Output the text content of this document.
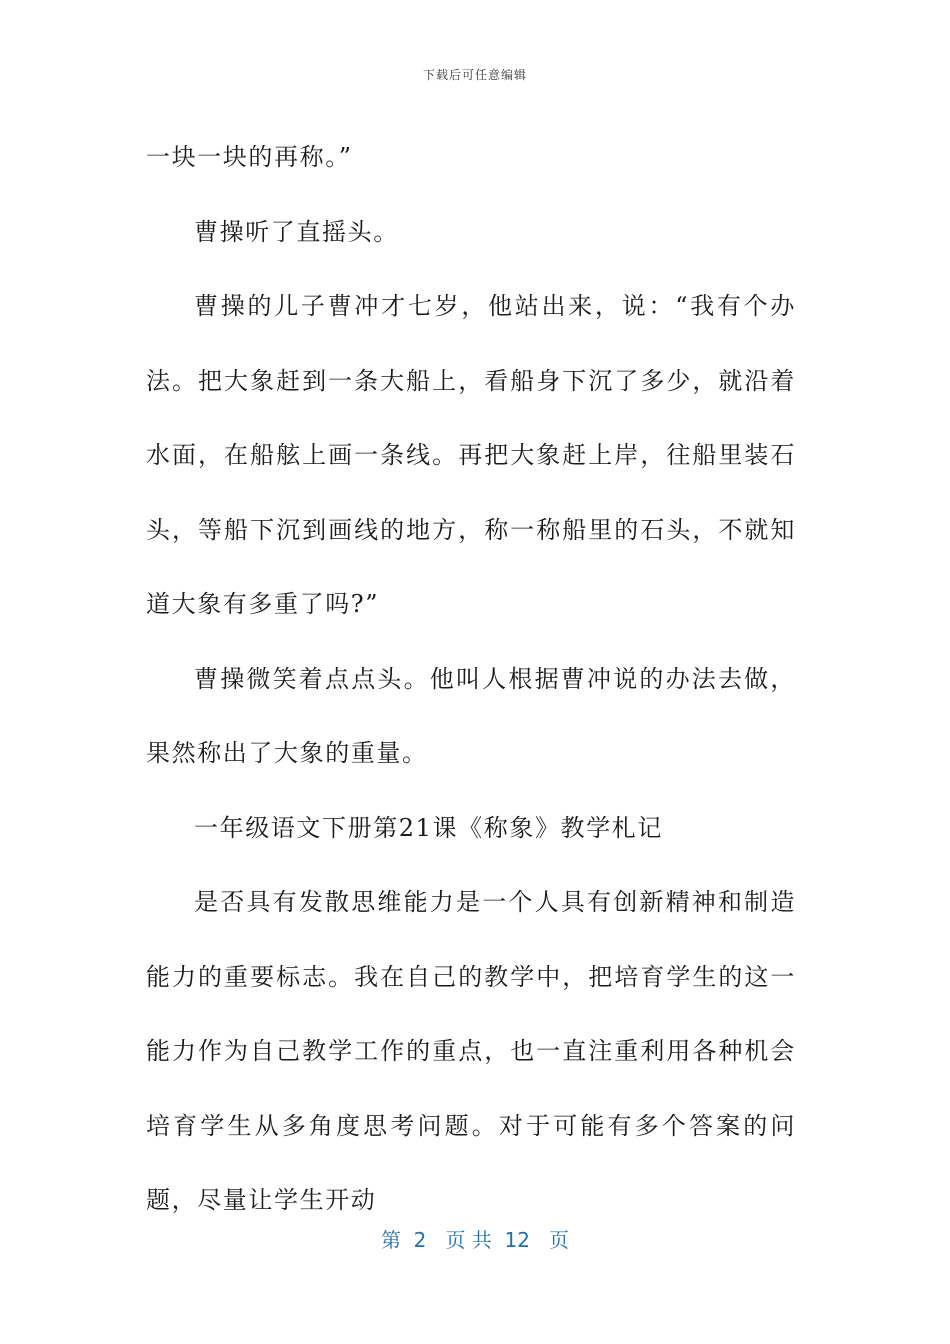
下载后可任意编辑

一块一块的再称。”

曹操听了直摇头。

曹操的儿子曹冲才七岁，他站出来，说：“我有个办法。把大象赶到一条大船上，看船身下沉了多少，就沿着水面，在船舷上画一条线。再把大象赶上岸，往船里装石头，等船下沉到画线的地方，称一称船里的石头，不就知道大象有多重了吗?”

曹操微笑着点点头。他叫人根据曹冲说的办法去做，果然称出了大象的重量。

一年级语文下册第21课《称象》教学札记

是否具有发散思维能力是一个人具有创新精神和制造能力的重要标志。我在自己的教学中，把培育学生的这一能力作为自己教学工作的重点，也一直注重利用各种机会培育学生从多角度思考问题。对于可能有多个答案的问题，尽量让学生开动

第  2   页 共  12   页
